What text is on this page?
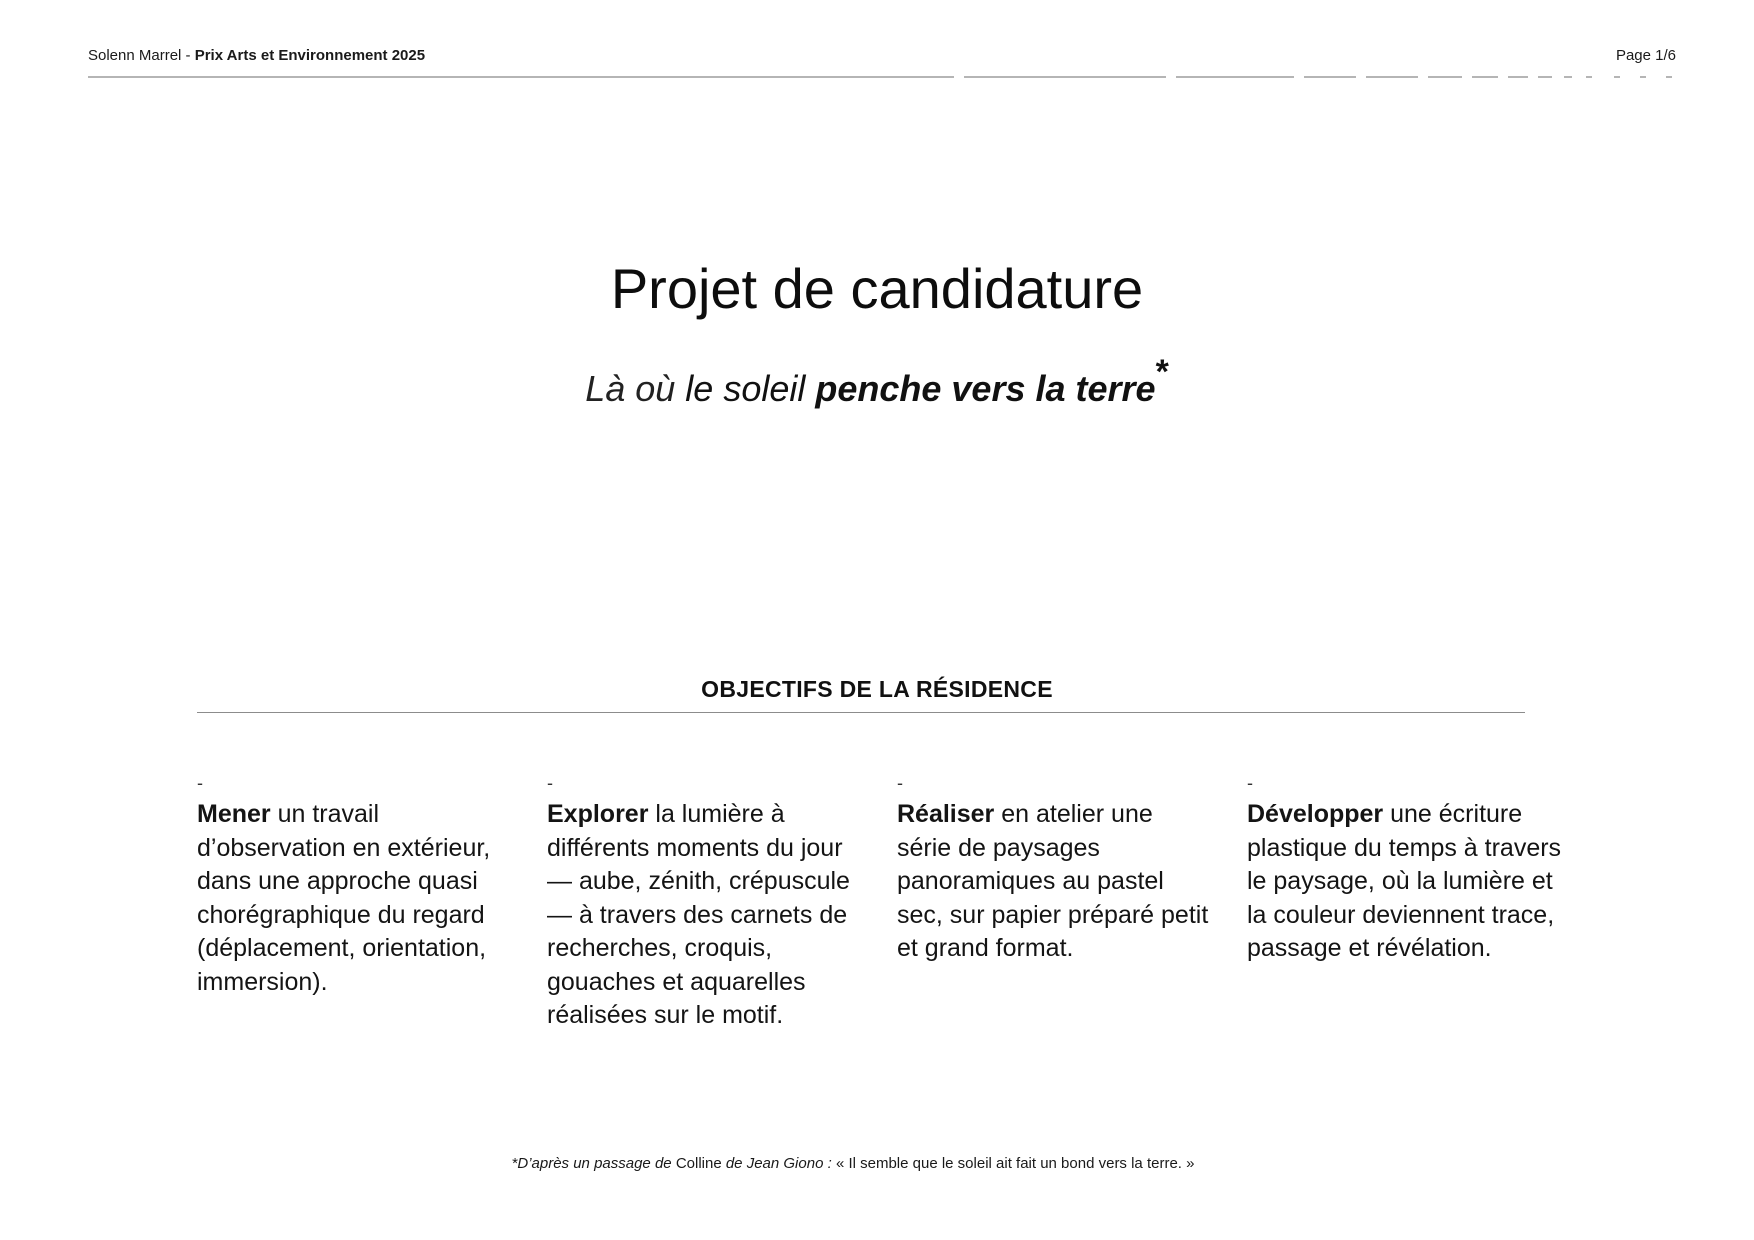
Solenn Marrel - Prix Arts et Environnement 2025	Page 1/6
Projet de candidature
Là où le soleil penche vers la terre*
OBJECTIFS DE LA RÉSIDENCE
-
Mener un travail d’observation en extérieur, dans une approche quasi chorégraphique du regard (déplacement, orientation, immersion).
-
Explorer la lumière à différents moments du jour — aube, zénith, crépuscule — à travers des carnets de recherches, croquis, gouaches et aquarelles réalisées sur le motif.
-
Réaliser en atelier une série de paysages panoramiques au pastel sec, sur papier préparé petit et grand format.
-
Développer une écriture plastique du temps à travers le paysage, où la lumière et la couleur deviennent trace, passage et révélation.
*D’après un passage de Colline de Jean Giono : « Il semble que le soleil ait fait un bond vers la terre. »
